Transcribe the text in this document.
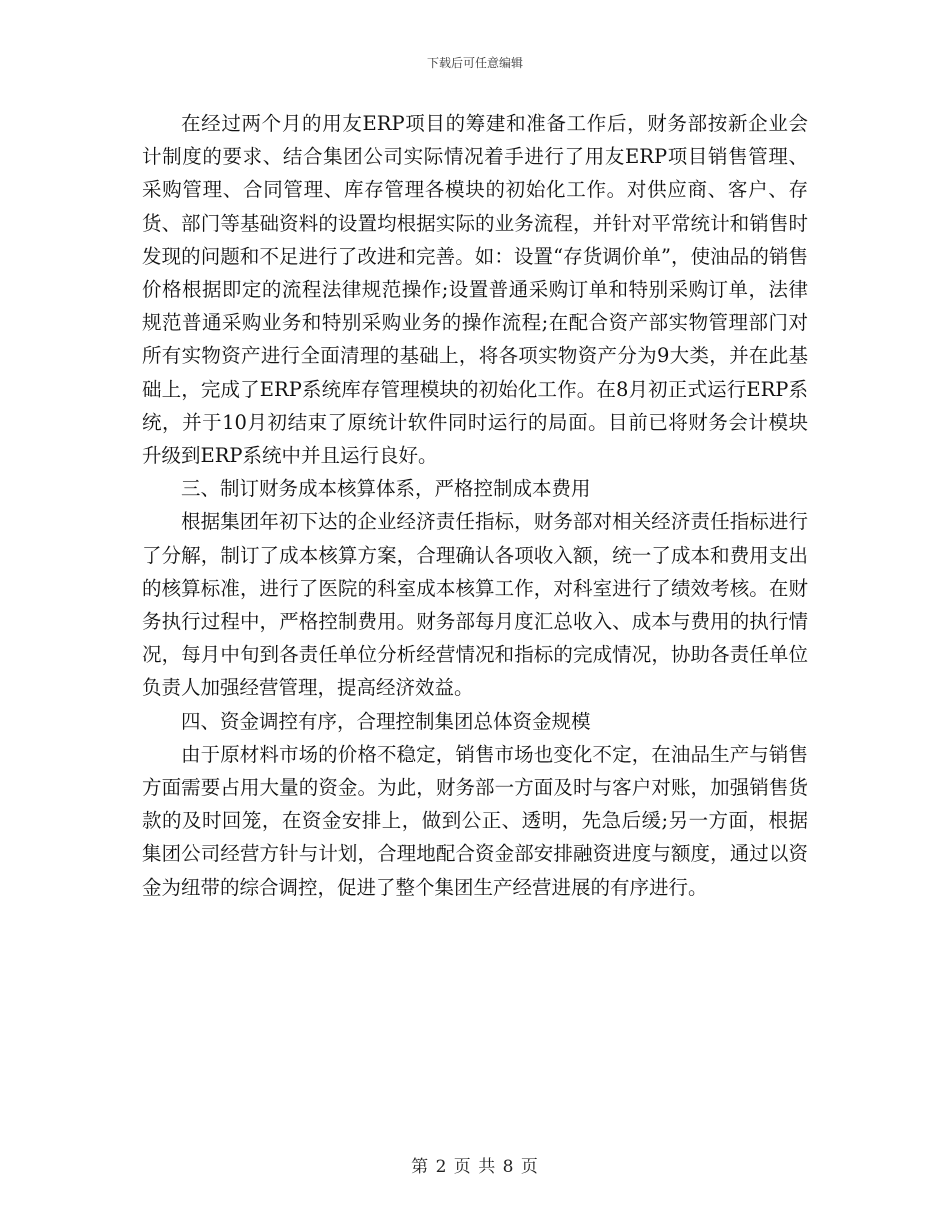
下载后可任意编辑

在经过两个月的用友ERP项目的筹建和准备工作后，财务部按新企业会计制度的要求、结合集团公司实际情况着手进行了用友ERP项目销售管理、采购管理、合同管理、库存管理各模块的初始化工作。对供应商、客户、存货、部门等基础资料的设置均根据实际的业务流程，并针对平常统计和销售时发现的问题和不足进行了改进和完善。如：设置“存货调价单”，使油品的销售价格根据即定的流程法律规范操作;设置普通采购订单和特别采购订单，法律规范普通采购业务和特别采购业务的操作流程;在配合资产部实物管理部门对所有实物资产进行全面清理的基础上，将各项实物资产分为9大类，并在此基础上，完成了ERP系统库存管理模块的初始化工作。在8月初正式运行ERP系统，并于10月初结束了原统计软件同时运行的局面。目前已将财务会计模块升级到ERP系统中并且运行良好。

三、制订财务成本核算体系，严格控制成本费用

根据集团年初下达的企业经济责任指标，财务部对相关经济责任指标进行了分解，制订了成本核算方案，合理确认各项收入额，统一了成本和费用支出的核算标准，进行了医院的科室成本核算工作，对科室进行了绩效考核。在财务执行过程中，严格控制费用。财务部每月度汇总收入、成本与费用的执行情况，每月中旬到各责任单位分析经营情况和指标的完成情况，协助各责任单位负责人加强经营管理，提高经济效益。

四、资金调控有序，合理控制集团总体资金规模

由于原材料市场的价格不稳定，销售市场也变化不定，在油品生产与销售方面需要占用大量的资金。为此，财务部一方面及时与客户对账，加强销售货款的及时回笼，在资金安排上，做到公正、透明，先急后缓;另一方面，根据集团公司经营方针与计划，合理地配合资金部安排融资进度与额度，通过以资金为纽带的综合调控，促进了整个集团生产经营进展的有序进行。

第 2 页 共 8 页
